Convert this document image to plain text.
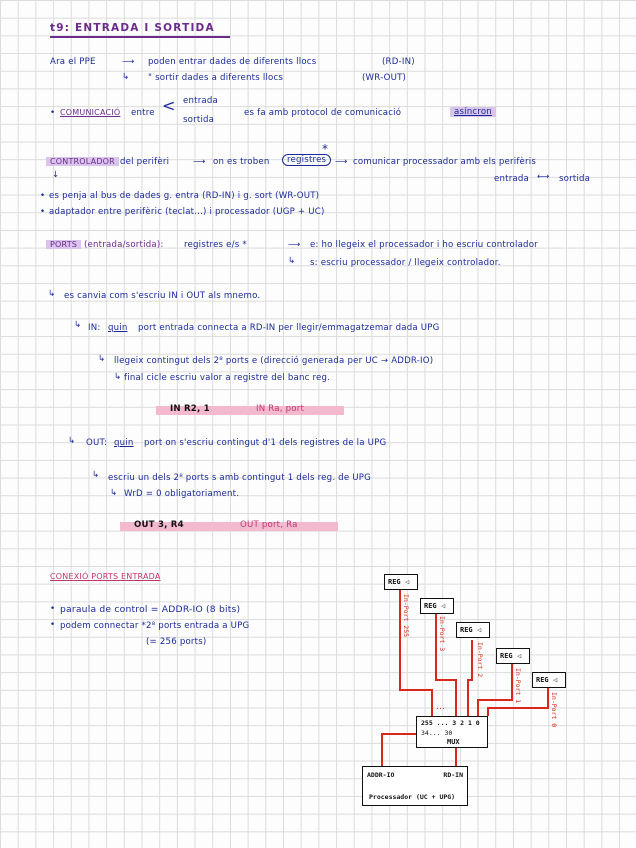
t9: ENTRADA I SORTIDA
Ara el PPE	⟶ poden entrar dades de diferents llocs	(RD-IN)
↳ " sortir dades a diferents llocs	(WR-OUT)
• COMUNICACIÓ entre < entrada
sortida
es fa amb protocol de comunicació	asíncron
CONTROLADOR del perifèri	⟶ on es troben	registres
*
⟶ comunicar processador amb els perifèris
entrada ⟷ sortida
↓
• es penja al bus de dades g. entra (RD-IN) i g. sort (WR-OUT)
• adaptador entre perifèric (teclat...) i processador (UGP + UC)
PORTS (entrada/sortida): registres e/s *	⟶ e: ho llegeix el processador i ho escriu controlador
↳ s: escriu processador / llegeix controlador.
↳ es canvia com s'escriu IN i OUT als mnemo.
↳ IN: quin port entrada connecta a RD-IN per llegir/emmagatzemar dada UPG
↳ llegeix contingut dels 2⁸ ports e (direcció generada per UC → ADDR-IO)
↳ final cicle escriu valor a registre del banc reg.
IN R2, 1	IN Ra, port
↳ OUT: quin port on s'escriu contingut d'1 dels registres de la UPG
↳ escriu un dels 2⁸ ports s amb contingut 1 dels reg. de UPG
↳ WrD = 0 obligatoriament.
OUT 3, R4	OUT port, Ra
CONEXIÓ PORTS ENTRADA
• paraula de control = ADDR-IO (8 bits)
• podem connectar *2⁸ ports entrada a UPG
(= 256 ports)
REG ◁
REG ◁
REG ◁
REG ◁
REG ◁
In-Port 255	In-Port 3
In-Port 2
In-Port 1
In-Port 0
...
255 ... 3 2 1 0
34... 30
MUX
ADDR-IO	RD-IN
Processador (UC + UPG)
